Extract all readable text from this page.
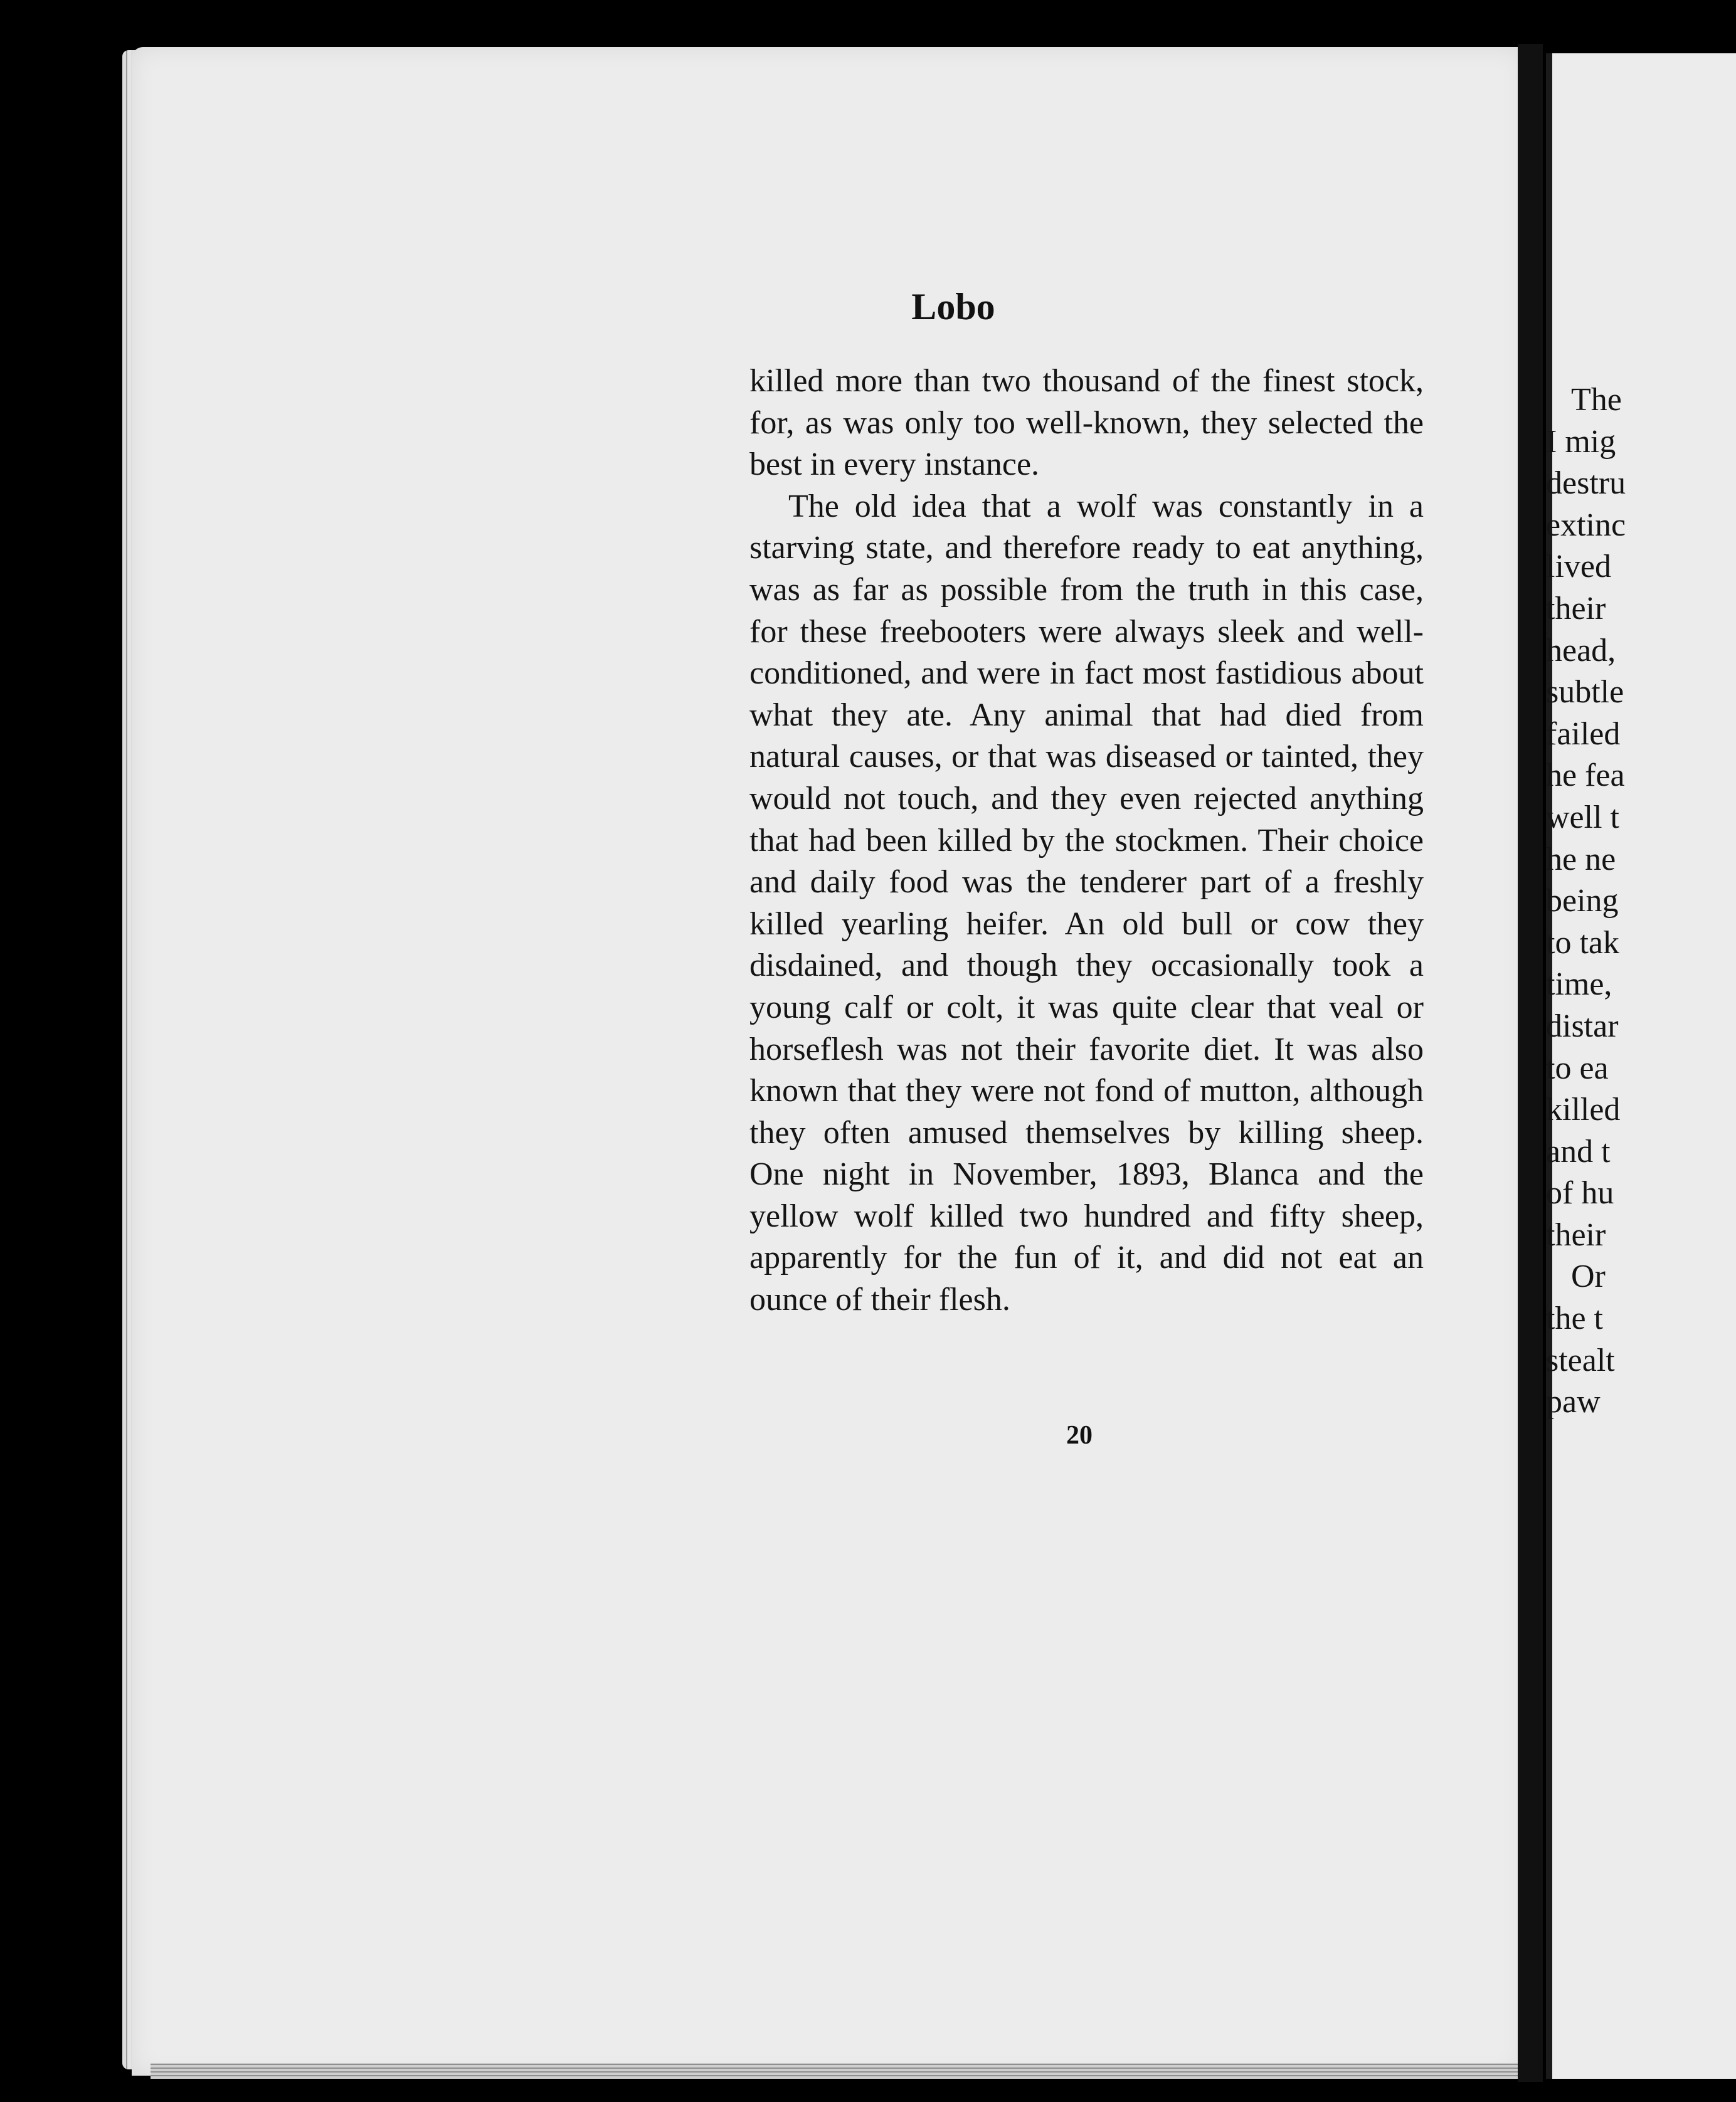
Lobo

killed more than two thousand of the finest stock, for, as was only too well-known, they selected the best in every instance.

The old idea that a wolf was constantly in a starving state, and therefore ready to eat anything, was as far as possible from the truth in this case, for these freebooters were always sleek and well-conditioned, and were in fact most fastidious about what they ate. Any animal that had died from natural causes, or that was diseased or tainted, they would not touch, and they even rejected anything that had been killed by the stockmen. Their choice and daily food was the tenderer part of a freshly killed yearling heifer. An old bull or cow they disdained, and though they occasionally took a young calf or colt, it was quite clear that veal or horseflesh was not their favorite diet. It was also known that they were not fond of mutton, although they often amused themselves by killing sheep. One night in November, 1893, Blanca and the yellow wolf killed two hundred and fifty sheep, apparently for the fun of it, and did not eat an ounce of their flesh.

20
The
I mig
destru
extinc
lived
their
head,
subtle
failed
he fea
well t
he ne
being
to tak
time,
distar
to ea
killed
and t
of hu
their
Or
the t
stealt
paw
